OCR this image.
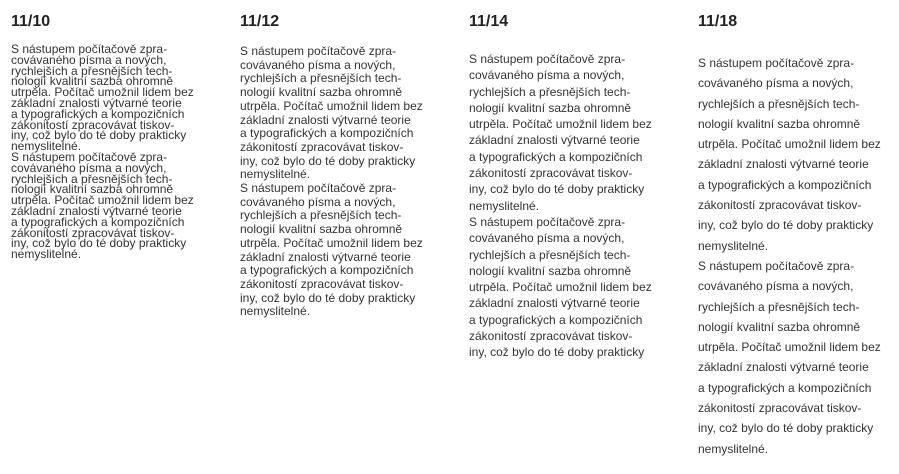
11/10
S nástupem počítačově zpra-
covávaného písma a nových,
rychlejších a přesnějších tech-
nologií kvalitní sazba ohromně
utrpěla. Počítač umožnil lidem bez
základní znalosti výtvarné teorie
a typografických a kompozičních
zákonitostí zpracovávat tiskov-
iny, což bylo do té doby prakticky
nemyslitelné.
S nástupem počítačově zpra-
covávaného písma a nových,
rychlejších a přesnějších tech-
nologií kvalitní sazba ohromně
utrpěla. Počítač umožnil lidem bez
základní znalosti výtvarné teorie
a typografických a kompozičních
zákonitostí zpracovávat tiskov-
iny, což bylo do té doby prakticky
nemyslitelné.
11/12
S nástupem počítačově zpra-
covávaného písma a nových,
rychlejších a přesnějších tech-
nologií kvalitní sazba ohromně
utrpěla. Počítač umožnil lidem bez
základní znalosti výtvarné teorie
a typografických a kompozičních
zákonitostí zpracovávat tiskov-
iny, což bylo do té doby prakticky
nemyslitelné.
S nástupem počítačově zpra-
covávaného písma a nových,
rychlejších a přesnějších tech-
nologií kvalitní sazba ohromně
utrpěla. Počítač umožnil lidem bez
základní znalosti výtvarné teorie
a typografických a kompozičních
zákonitostí zpracovávat tiskov-
iny, což bylo do té doby prakticky
nemyslitelné.
11/14
S nástupem počítačově zpra-
covávaného písma a nových,
rychlejších a přesnějších tech-
nologií kvalitní sazba ohromně
utrpěla. Počítač umožnil lidem bez
základní znalosti výtvarné teorie
a typografických a kompozičních
zákonitostí zpracovávat tiskov-
iny, což bylo do té doby prakticky
nemyslitelné.
S nástupem počítačově zpra-
covávaného písma a nových,
rychlejších a přesnějších tech-
nologií kvalitní sazba ohromně
utrpěla. Počítač umožnil lidem bez
základní znalosti výtvarné teorie
a typografických a kompozičních
zákonitostí zpracovávat tiskov-
iny, což bylo do té doby prakticky
11/18
S nástupem počítačově zpra-
covávaného písma a nových,
rychlejších a přesnějších tech-
nologií kvalitní sazba ohromně
utrpěla. Počítač umožnil lidem bez
základní znalosti výtvarné teorie
a typografických a kompozičních
zákonitostí zpracovávat tiskov-
iny, což bylo do té doby prakticky
nemyslitelné.
S nástupem počítačově zpra-
covávaného písma a nových,
rychlejších a přesnějších tech-
nologií kvalitní sazba ohromně
utrpěla. Počítač umožnil lidem bez
základní znalosti výtvarné teorie
a typografických a kompozičních
zákonitostí zpracovávat tiskov-
iny, což bylo do té doby prakticky
nemyslitelné.
